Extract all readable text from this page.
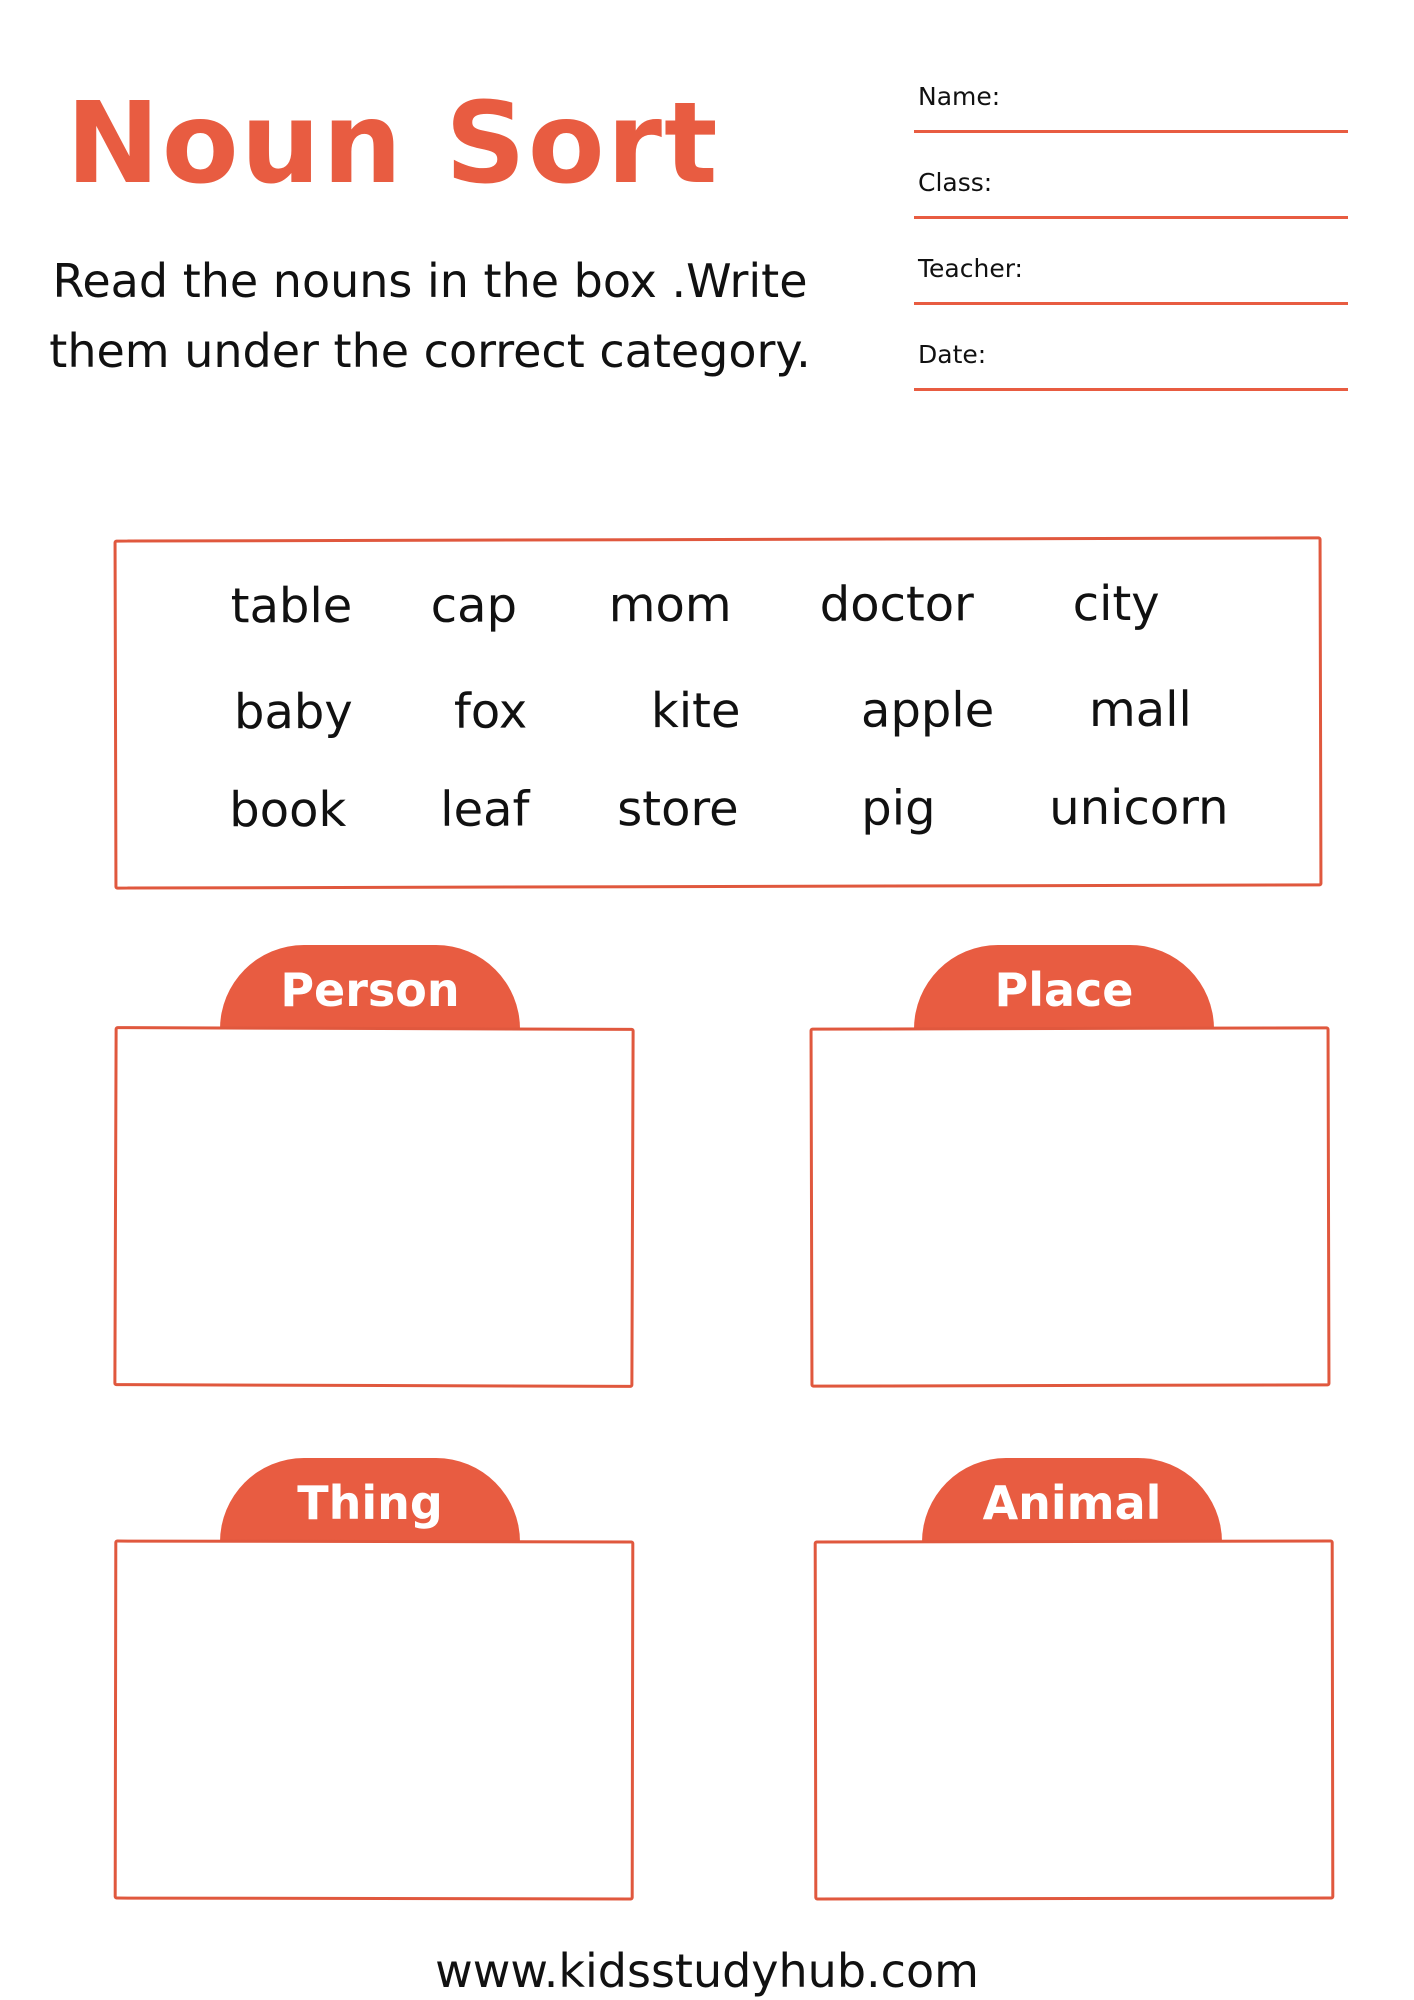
Noun Sort
Read the nouns in the box .Write
them under the correct category.
Name:
Class:
Teacher:
Date:
table cap mom doctor city
baby fox	kite	apple mall
book leaf store	pig unicorn
Person	Place
Thing	Animal
www.kidsstudyhub.com
